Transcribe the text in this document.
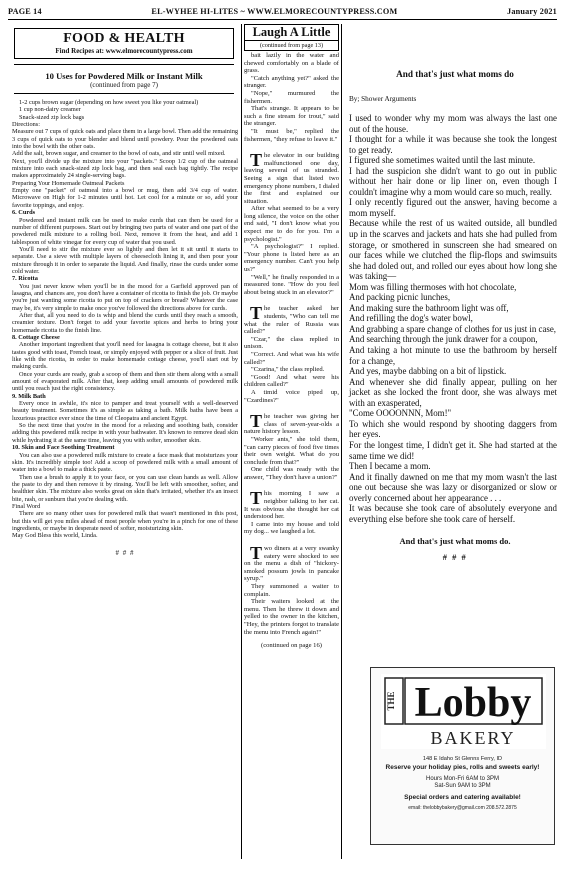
PAGE 14	EL-WYHEE HI-LITES ~ WWW.ELMORECOUNTYPRESS.COM	January 2021
FOOD & HEALTH
Find Recipes at: www.elmorecountypress.com
10 Uses for Powdered Milk or Instant Milk
(continued from page 7)

1-2 cups brown sugar (depending on how sweet you like your oatmeal)

1 cup non-dairy creamer

Snack-sized zip lock bags

Directions:

Measure out 7 cups of quick oats and place them in a large bowl. Then add the remaining 3 cups of quick oats to your blender and blend until powdery. Pour the powdered oats into the bowl with the other oats.

Add the salt, brown sugar, and creamer to the bowl of oats, and stir until well mixed.

Next, you'll divide up the mixture into your "packets." Scoop 1/2 cup of the oatmeal mixture into each snack-sized zip lock bag, and then seal each bag tightly. The recipe makes approximately 24 single-serving bags.

Preparing Your Homemade Oatmeal Packets

Empty one "packet" of oatmeal into a bowl or mug, then add 3/4 cup of water. Microwave on High for 1-2 minutes until hot. Let cool for a minute or so, add your favorite toppings, and enjoy.

6. Curds

Powdered and instant milk can be used to make curds that can then be used for a number of different purposes. Start out by bringing two parts of water and one part of the powdered milk mixture to a rolling boil. Next, remove it from the heat, and add 1 tablespoon of white vinegar for every cup of water that you used.

You'll need to stir the mixture ever so lightly and then let it sit until it starts to separate. Use a sieve with multiple layers of cheesecloth lining it, and then pour your mixture through it in order to separate the liquid. And finally, rinse the curds under some cold water.

7. Ricotta

You just never know when you'll be in the mood for a Garfield approved pan of lasagna, and chances are, you don't have a container of ricotta to finish the job. Or maybe you're just wanting some ricotta to put on top of crackers or bread? Whatever the case may be, it's very simple to make once you've followed the directions above for curds.

After that, all you need to do is whip and blend the curds until they reach a smooth, creamier texture. Don't forget to add your favorite spices and herbs to bring your homemade ricotta to the finish line.

8. Cottage Cheese

Another important ingredient that you'll need for lasagna is cottage cheese, but it also tastes good with toast, French toast, or simply enjoyed with pepper or a slice of fruit. Just like with the ricotta, in order to make homemade cottage cheese, you'll start out by making curds.

Once your curds are ready, grab a scoop of them and then stir them along with a small amount of evaporated milk. After that, keep adding small amounts of powdered milk until you reach just the right consistency.

9. Milk Bath

Every once in awhile, it's nice to pamper and treat yourself with a well-deserved beauty treatment. Sometimes it's as simple as taking a bath. Milk baths have been a luxurious practice ever since the time of Cleopatra and ancient Egypt.

So the next time that you're in the mood for a relaxing and soothing bath, consider adding this powdered milk recipe in with your bathwater. It's known to remove dead skin while hydrating it at the same time, leaving you with softer, smoother skin.

10. Skin and Face Soothing Treatment

You can also use a powdered milk mixture to create a face mask that moisturizes your skin. It's incredibly simple too! Add a scoop of powdered milk with a small amount of water into a bowl to make a thick paste.

Then use a brush to apply it to your face, or you can use clean hands as well. Allow the paste to dry and then remove it by rinsing. You'll be left with smoother, softer, and healthier skin. The mixture also works great on skin that's irritated, whether it's an insect bite, rash, or sunburn that you're dealing with.

Final Word

There are so many other uses for powdered milk that wasn't mentioned in this post, but this will get you miles ahead of most people when you're in a pinch for one of these ingredients, or maybe in desperate need of softer, moisturizing skin.

May God Bless this world, Linda.

# # #

Laugh A Little
(continued from page 13)

bait lazily in the water and chewed comfortably on a blade of grass.

"Catch anything yet?" asked the stranger.

"Nope," murmured the fishermen.

That's strange. It appears to be such a fine stream for trout," said the stranger.

"It must be," replied the fishermen, "they refuse to leave it."

The elevator in our building malfunctioned one day, leaving several of us stranded. Seeing a sign that listed two emergency phone numbers, I dialed the first and explained our situation.

After what seemed to be a very long silence, the voice on the other end said, "I don't know what you expect me to do for you. I'm a psychologist."

"A psychologist?" I replied. "Your phone is listed here as an emergency number. Can't you help us?"

"Well," he finally responded in a measured tone. "How do you feel about being stuck in an elevator?"

The teacher asked her students, "Who can tell me what the ruler of Russia was called?"

"Czar," the class replied in unison.

"Correct. And what was his wife called?"

"Czarina," the class replied.

"Good! And what were his children called?"

A timid voice piped up, "Czardines?"

The teacher was giving her class of seven-year-olds a nature history lesson.

"Worker ants," she told them, "can carry pieces of food five times their own weight. What do you conclude from that?"

One child was ready with the answer, "They don't have a union?"

This morning I saw a neighbor talking to her cat. It was obvious she thought her cat understood her.

I came into my house and told my dog... we laughed a lot.

Two diners at a very swanky eatery were shocked to see on the menu a dish of "hickory-smoked possum jowls in pancake syrup."

They summoned a waiter to complain.

Their waiters looked at the menu. Then he threw it down and yelled to the owner in the kitchen, "Hey, the printers forgot to translate the menu into French again!"

(continued on page 16)

And that's just what moms do
By; Shower Arguments

I used to wonder why my mom was always the last one out of the house.

I thought for a while it was because she took the longest to get ready.

I figured she sometimes waited until the last minute.

I had the suspicion she didn't want to go out in public without her hair done or lip liner on, even though I couldn't imagine why a mom would care so much, really.

I only recently figured out the answer, having become a mom myself.

Because while the rest of us waited outside, all bundled up in the scarves and jackets and hats she had pulled from storage, or smothered in sunscreen she had smeared on our faces while we clutched the flip-flops and swimsuits she had doled out, and rolled our eyes about how long she was taking—

Mom was filling thermoses with hot chocolate,

And packing picnic lunches,

And making sure the bathroom light was off,

And refilling the dog's water bowl,

And grabbing a spare change of clothes for us just in case,

And searching through the junk drawer for a coupon,

And taking a hot minute to use the bathroom by herself for a change,

And yes, maybe dabbing on a bit of lipstick.

And whenever she did finally appear, pulling on her jacket as she locked the front door, she was always met with an exasperated,

"Come OOOONNN, Mom!"

To which she would respond by shooting daggers from her eyes.

For the longest time, I didn't get it. She had started at the same time we did!

Then I became a mom.

And it finally dawned on me that my mom wasn't the last one out because she was lazy or disorganized or slow or overly concerned about her appearance . . .

It was because she took care of absolutely everyone and everything else before she took care of herself.

And that's just what moms do.
# # #
THE Lobby
BAKERY
148 E Idaho St Glenns Ferry, ID
Reserve your holiday pies, rolls and sweets early!
Hours Mon-Fri 6AM to 3PM
Sat-Sun 9AM to 3PM
Special orders and catering available!
email: thelobbybakery@gmail.com 208.572.2875
